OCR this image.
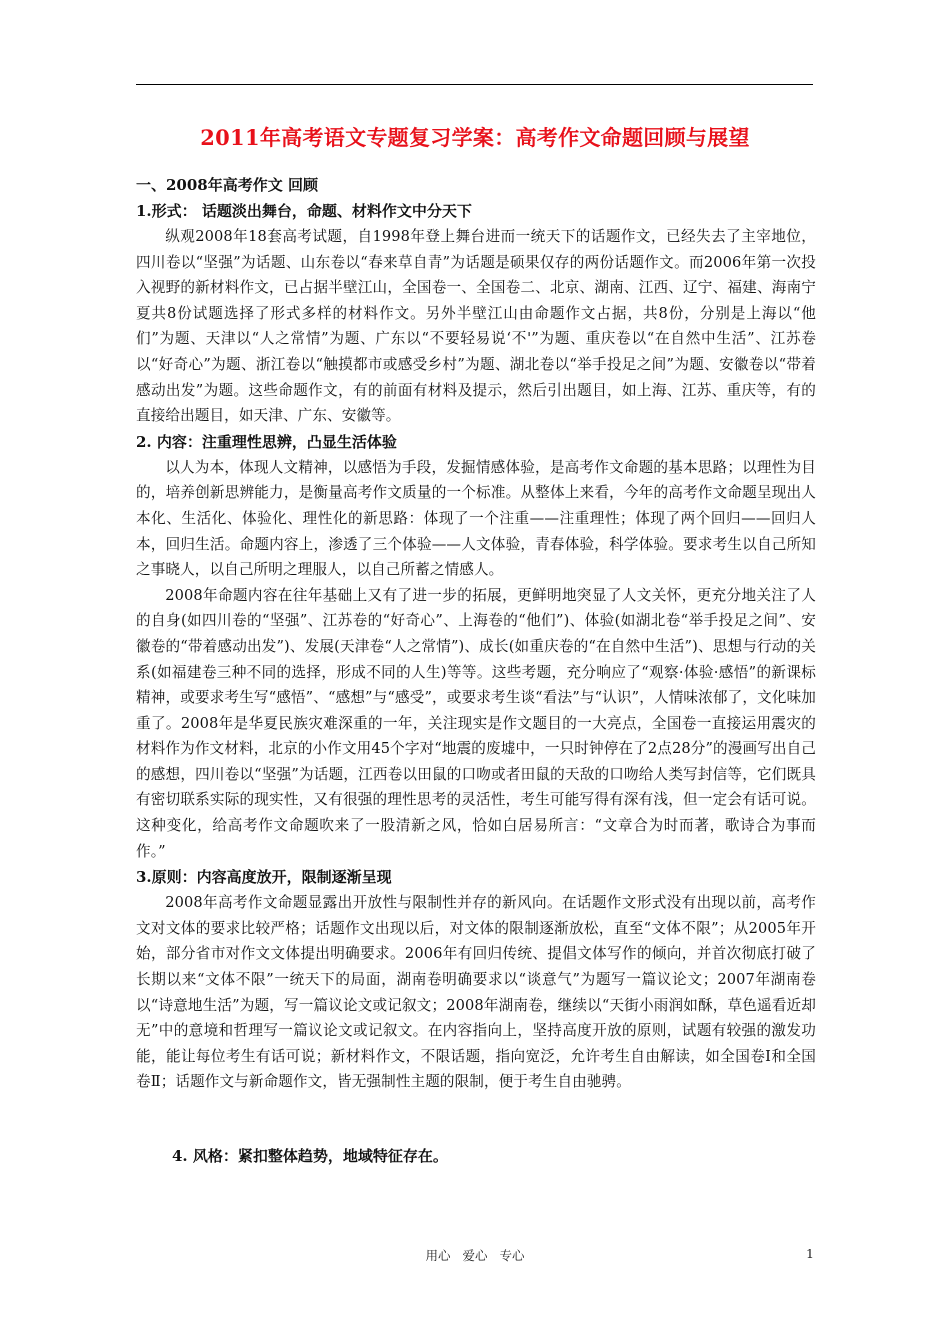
2011年高考语文专题复习学案：高考作文命题回顾与展望

一、2008年高考作文 回顾

1.形式： 话题淡出舞台，命题、材料作文中分天下

纵观2008年18套高考试题，自1998年登上舞台进而一统天下的话题作文，已经失去了主宰地位，四川卷以“坚强”为话题、山东卷以“春来草自青”为话题是硕果仅存的两份话题作文。而2006年第一次投入视野的新材料作文，已占据半壁江山，全国卷一、全国卷二、北京、湖南、江西、辽宁、福建、海南宁夏共8份试题选择了形式多样的材料作文。另外半壁江山由命题作文占据，共8份，分别是上海以“他们”为题、天津以“人之常情”为题、广东以“不要轻易说‘不'”为题、重庆卷以“在自然中生活”、江苏卷以“好奇心”为题、浙江卷以“触摸都市或感受乡村”为题、湖北卷以“举手投足之间”为题、安徽卷以“带着感动出发”为题。这些命题作文，有的前面有材料及提示，然后引出题目，如上海、江苏、重庆等，有的直接给出题目，如天津、广东、安徽等。

2. 内容：注重理性思辨，凸显生活体验

以人为本，体现人文精神，以感悟为手段，发掘情感体验，是高考作文命题的基本思路；以理性为目的，培养创新思辨能力，是衡量高考作文质量的一个标准。从整体上来看，今年的高考作文命题呈现出人本化、生活化、体验化、理性化的新思路：体现了一个注重——注重理性；体现了两个回归——回归人本，回归生活。命题内容上，渗透了三个体验——人文体验，青春体验，科学体验。要求考生以自己所知之事晓人，以自己所明之理服人，以自己所蓄之情感人。

2008年命题内容在往年基础上又有了进一步的拓展，更鲜明地突显了人文关怀，更充分地关注了人的自身(如四川卷的“坚强”、江苏卷的“好奇心”、上海卷的“他们”)、体验(如湖北卷“举手投足之间”、安徽卷的“带着感动出发”)、发展(天津卷“人之常情”)、成长(如重庆卷的“在自然中生活”)、思想与行动的关系(如福建卷三种不同的选择，形成不同的人生)等等。这些考题，充分响应了“观察·体验·感悟”的新课标精神，或要求考生写“感悟”、“感想”与“感受”，或要求考生谈“看法”与“认识”，人情味浓郁了，文化味加重了。2008年是华夏民族灾难深重的一年，关注现实是作文题目的一大亮点，全国卷一直接运用震灾的材料作为作文材料，北京的小作文用45个字对“地震的废墟中，一只时钟停在了2点28分”的漫画写出自己的感想，四川卷以“坚强”为话题，江西卷以田鼠的口吻或者田鼠的天敌的口吻给人类写封信等，它们既具有密切联系实际的现实性，又有很强的理性思考的灵活性，考生可能写得有深有浅，但一定会有话可说。这种变化，给高考作文命题吹来了一股清新之风，恰如白居易所言：“文章合为时而著，歌诗合为事而作。”

3.原则：内容高度放开，限制逐渐呈现

2008年高考作文命题显露出开放性与限制性并存的新风向。在话题作文形式没有出现以前，高考作文对文体的要求比较严格；话题作文出现以后，对文体的限制逐渐放松，直至“文体不限”；从2005年开始，部分省市对作文文体提出明确要求。2006年有回归传统、提倡文体写作的倾向，并首次彻底打破了长期以来“文体不限”一统天下的局面，湖南卷明确要求以“谈意气”为题写一篇议论文；2007年湖南卷以“诗意地生活”为题，写一篇议论文或记叙文；2008年湖南卷，继续以“天街小雨润如酥，草色遥看近却无”中的意境和哲理写一篇议论文或记叙文。在内容指向上，坚持高度开放的原则，试题有较强的激发功能，能让每位考生有话可说；新材料作文，不限话题，指向宽泛，允许考生自由解读，如全国卷Ⅰ和全国卷Ⅱ；话题作文与新命题作文，皆无强制性主题的限制，便于考生自由驰骋。

4. 风格：紧扣整体趋势，地域特征存在。

用心 爱心 专心	1
